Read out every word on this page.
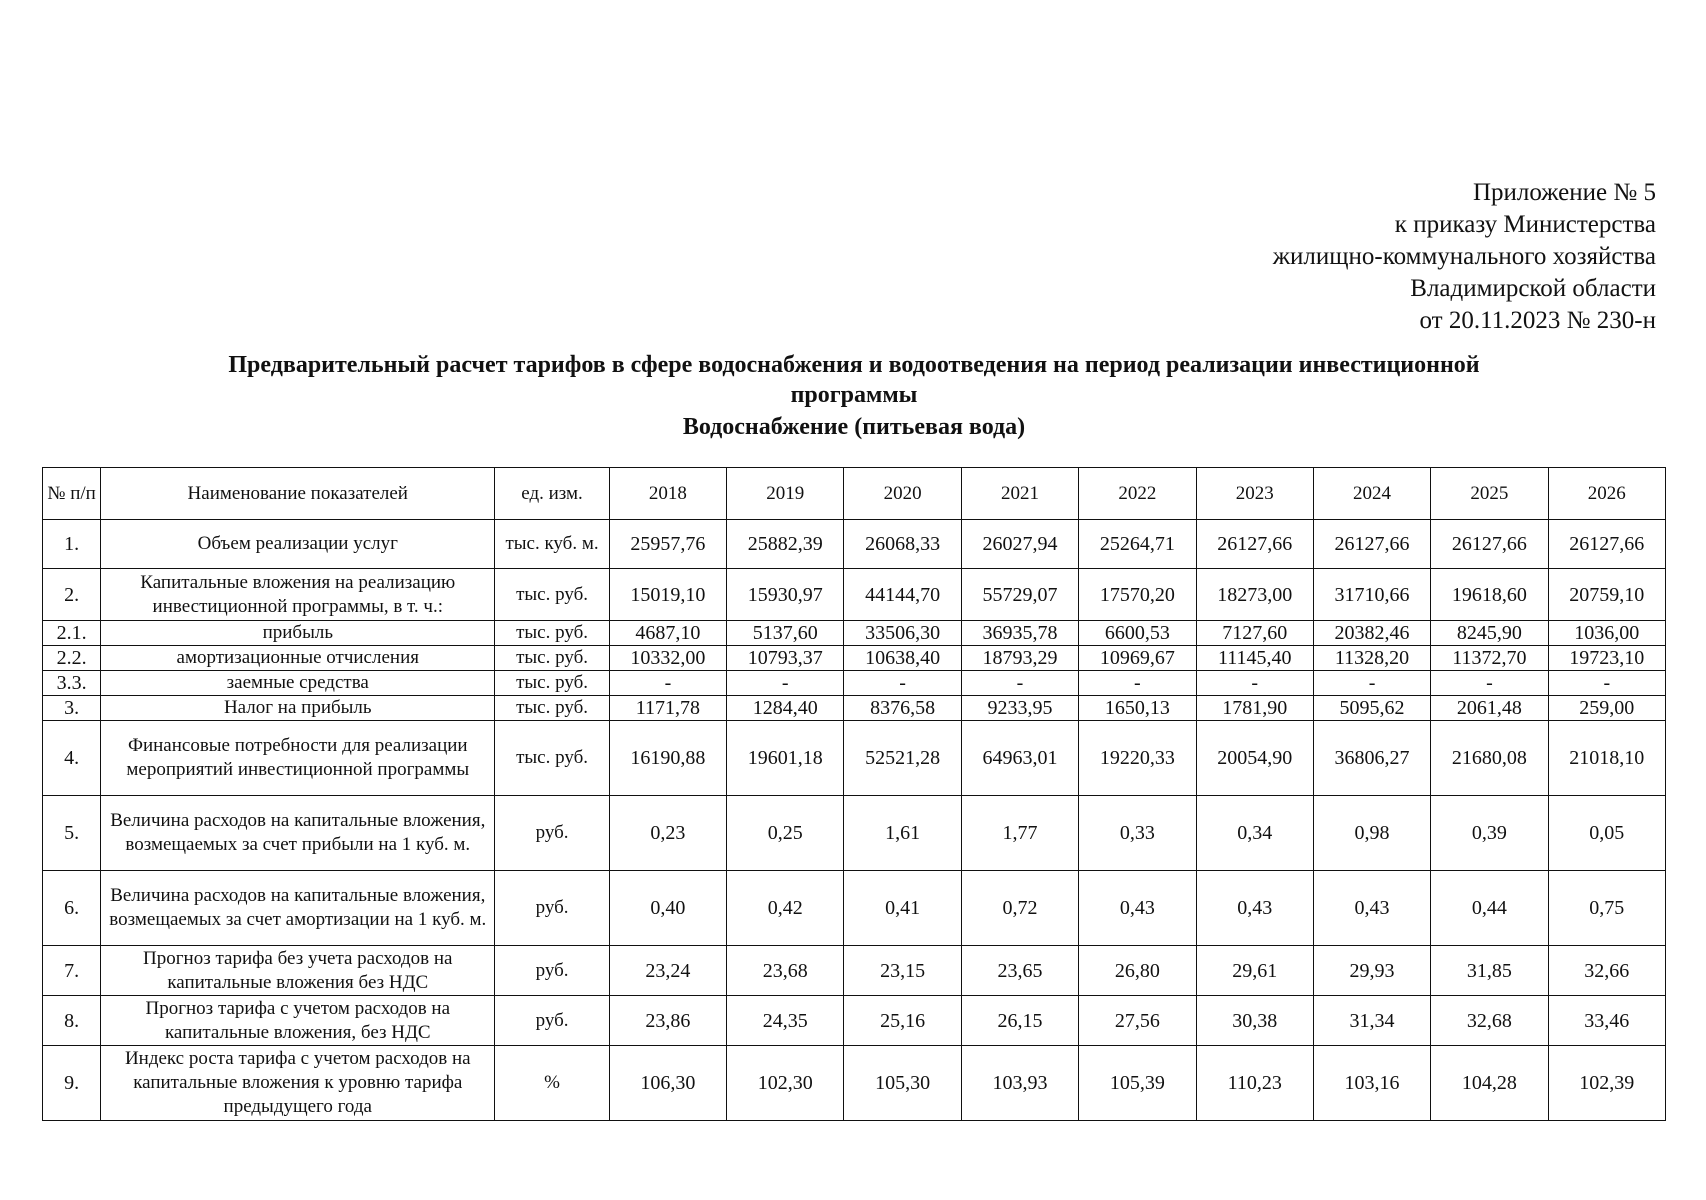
Приложение № 5
к приказу Министерства
жилищно-коммунального хозяйства
Владимирской области
от 20.11.2023 № 230-н
Предварительный расчет тарифов в сфере водоснабжения и водоотведения на период реализации инвестиционной
программы
Водоснабжение (питьевая вода)
№ п/п	Наименование показателей	ед. изм.	2018	2019	2020	2021	2022	2023	2024	2025	2026
1.	Объем реализации услуг	тыс. куб. м.	25957,76	25882,39	26068,33	26027,94	25264,71	26127,66	26127,66	26127,66	26127,66
2.	Капитальные вложения на реализацию инвестиционной программы, в т. ч.:	тыс. руб.	15019,10	15930,97	44144,70	55729,07	17570,20	18273,00	31710,66	19618,60	20759,10
2.1.	прибыль	тыс. руб.	4687,10	5137,60	33506,30	36935,78	6600,53	7127,60	20382,46	8245,90	1036,00
2.2.	амортизационные отчисления	тыс. руб.	10332,00	10793,37	10638,40	18793,29	10969,67	11145,40	11328,20	11372,70	19723,10
3.3.	заемные средства	тыс. руб.	-	-	-	-	-	-	-	-	-
3.	Налог на прибыль	тыс. руб.	1171,78	1284,40	8376,58	9233,95	1650,13	1781,90	5095,62	2061,48	259,00
4.	Финансовые потребности для реализации мероприятий инвестиционной программы	тыс. руб.	16190,88	19601,18	52521,28	64963,01	19220,33	20054,90	36806,27	21680,08	21018,10
5.	Величина расходов на капитальные вложения, возмещаемых за счет прибыли на 1 куб. м.	руб.	0,23	0,25	1,61	1,77	0,33	0,34	0,98	0,39	0,05
6.	Величина расходов на капитальные вложения, возмещаемых за счет амортизации на 1 куб. м.	руб.	0,40	0,42	0,41	0,72	0,43	0,43	0,43	0,44	0,75
7.	Прогноз тарифа без учета расходов на капитальные вложения без НДС	руб.	23,24	23,68	23,15	23,65	26,80	29,61	29,93	31,85	32,66
8.	Прогноз тарифа с учетом расходов на капитальные вложения, без НДС	руб.	23,86	24,35	25,16	26,15	27,56	30,38	31,34	32,68	33,46
9.	Индекс роста тарифа с учетом расходов на капитальные вложения к уровню тарифа предыдущего года	%	106,30	102,30	105,30	103,93	105,39	110,23	103,16	104,28	102,39
